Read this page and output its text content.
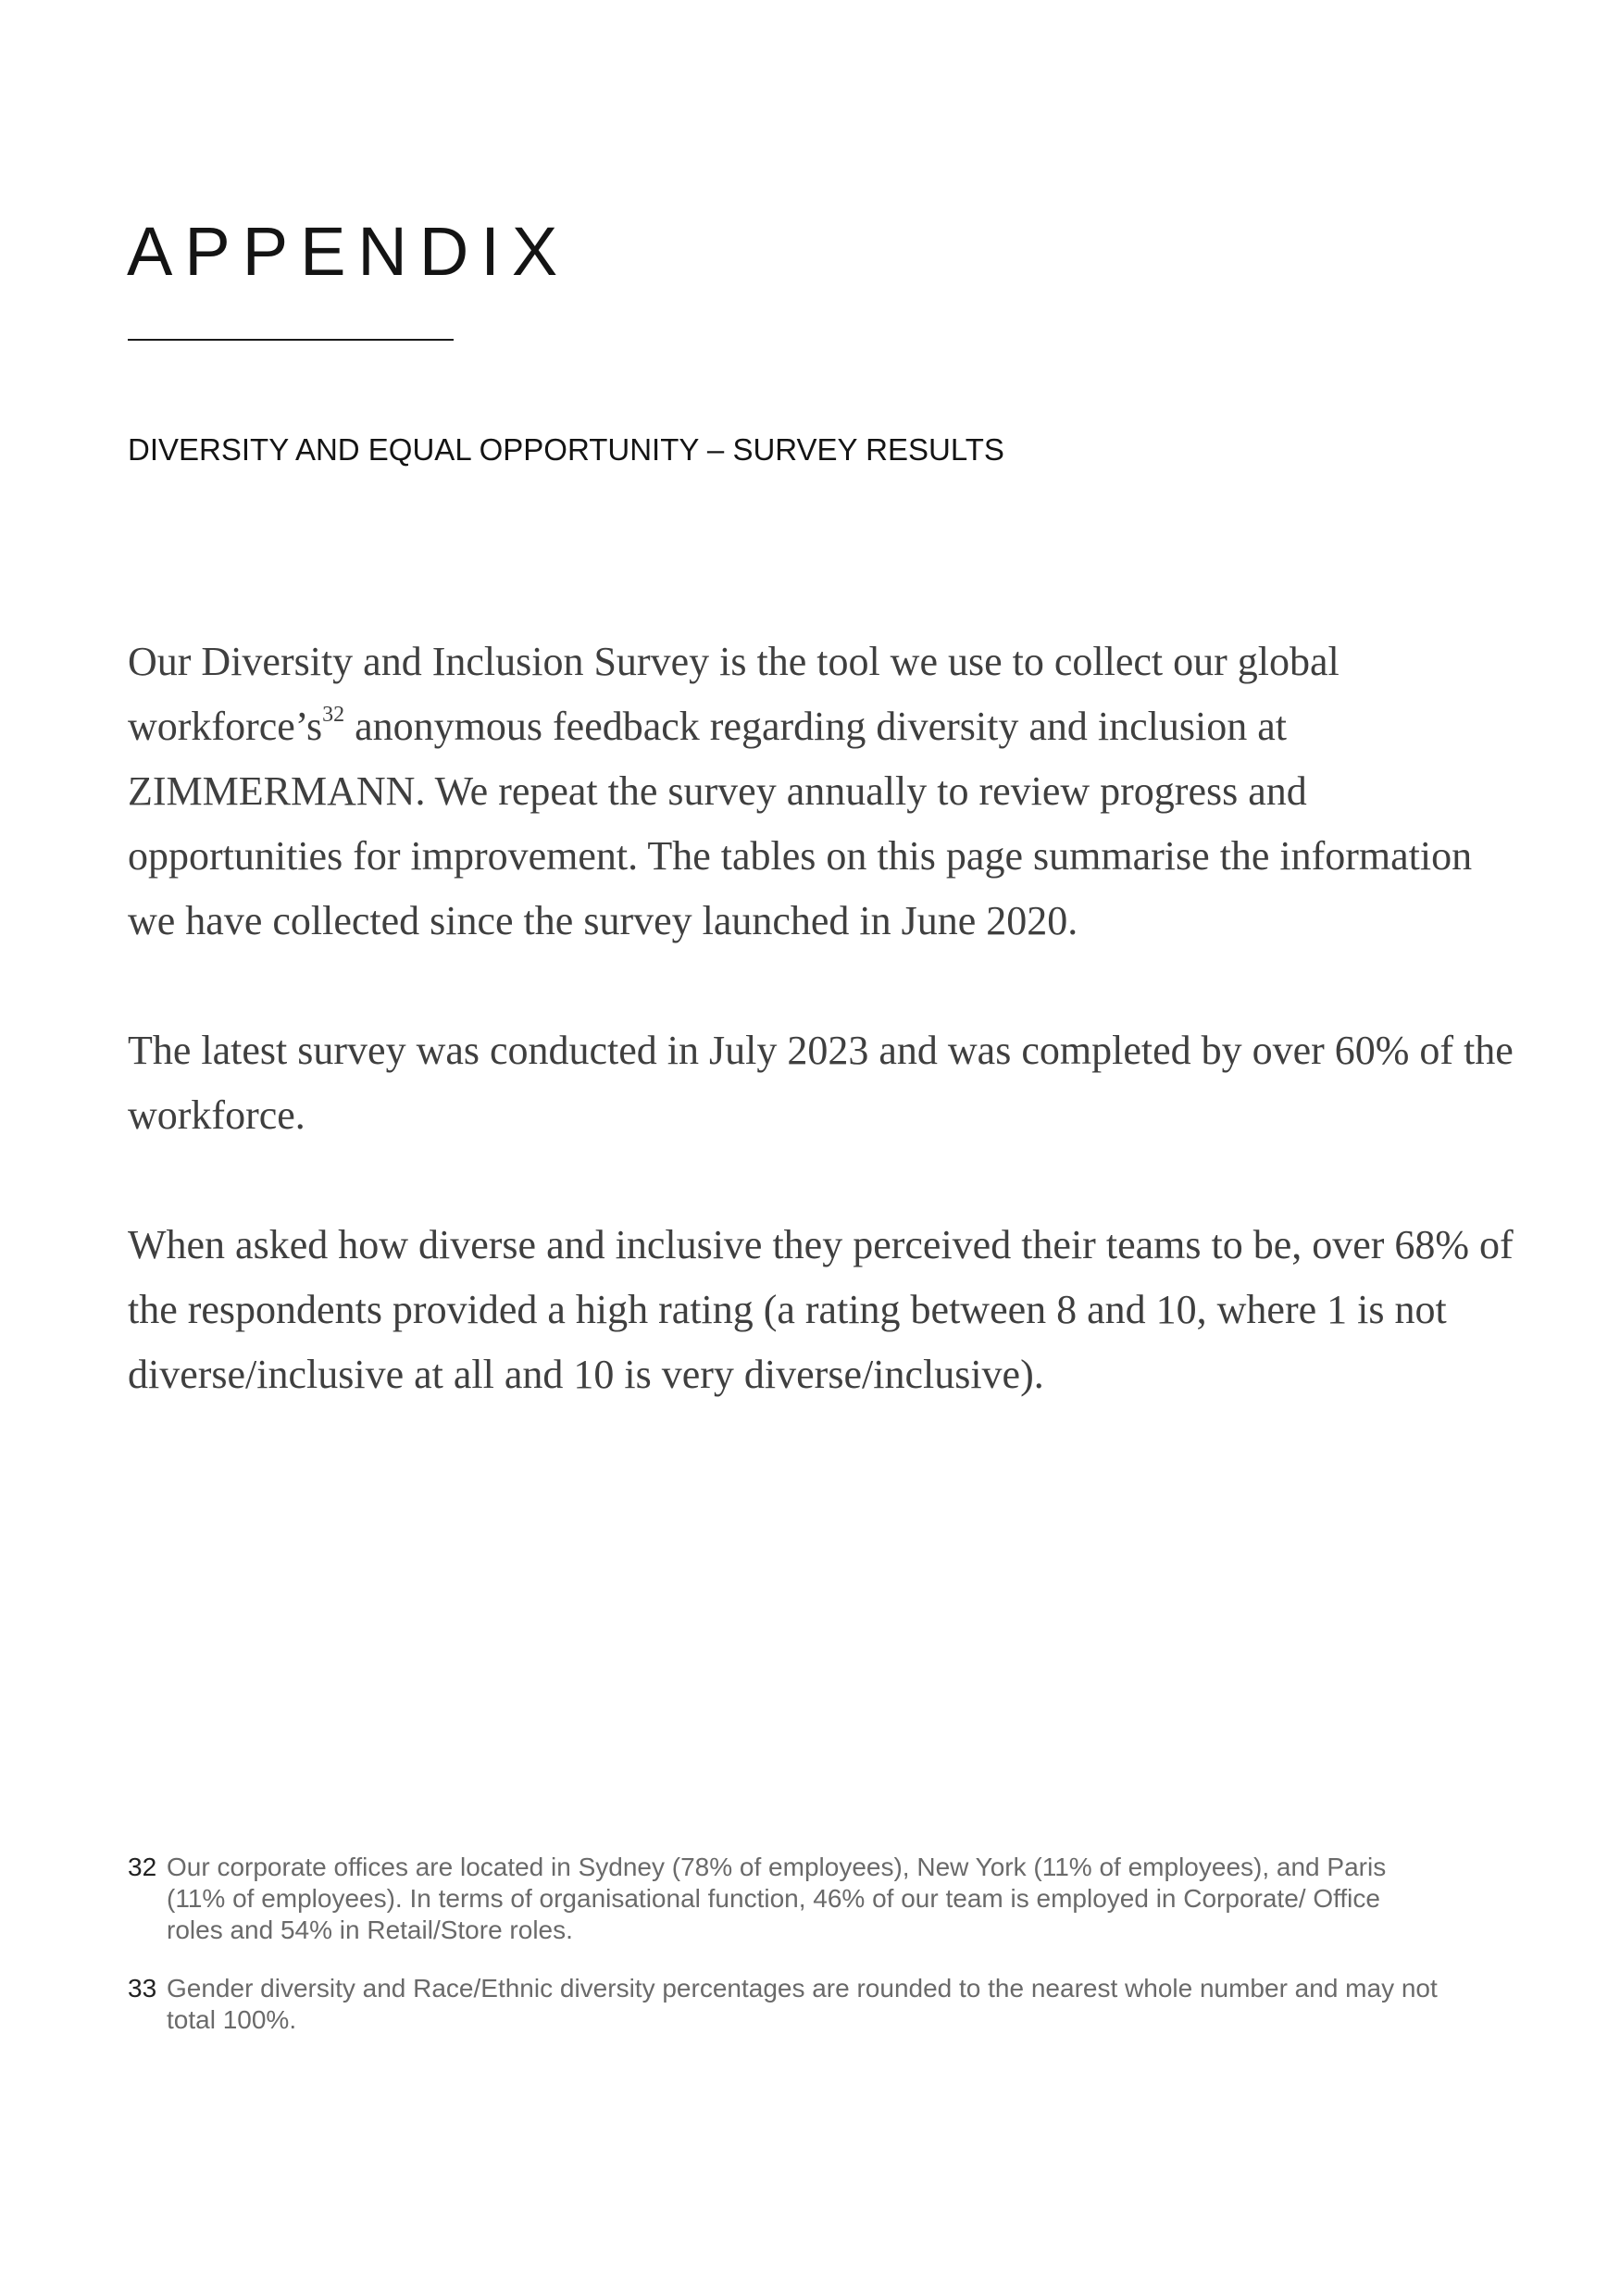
APPENDIX
DIVERSITY AND EQUAL OPPORTUNITY – SURVEY RESULTS

Our Diversity and Inclusion Survey is the tool we use to collect our global $workforce’s^{32}$ anonymous feedback regarding diversity and inclusion at ZIMMERMANN. We repeat the survey annually to review progress and opportunities for improvement. The tables on this page summarise the information we have collected since the survey launched in June 2020.

The latest survey was conducted in July 2023 and was completed by over 60% of the workforce.

When asked how diverse and inclusive they perceived their teams to be, over 68% of the respondents provided a high rating (a rating between 8 and 10, where 1 is not diverse/inclusive at all and 10 is very diverse/inclusive).

32 Our corporate offices are located in Sydney (78% of employees), New York (11% of employees), and Paris (11% of employees). In terms of organisational function, 46% of our team is employed in Corporate/ Office roles and 54% in Retail/Store roles.
33 Gender diversity and Race/Ethnic diversity percentages are rounded to the nearest whole number and may not total 100%.
